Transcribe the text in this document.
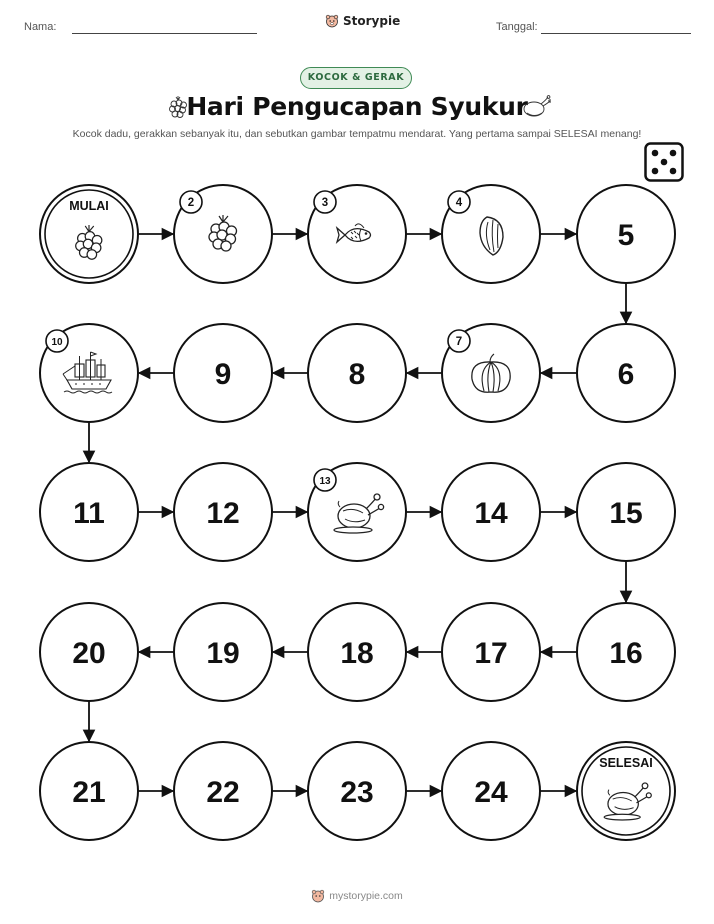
Nama:	Storypie	Tanggal:
KOCOK & GERAK
Hari Pengucapan Syukur
Kocok dadu, gerakkan sebanyak itu, dan sebutkan gambar tempatmu mendarat. Yang pertama sampai SELESAI menang!
MULAI	2	3	4
5
6
7
8
9
10
11	12
13
14	15
16
17
18
19
20
21	22	23	24
SELESAI
mystorypie.com
